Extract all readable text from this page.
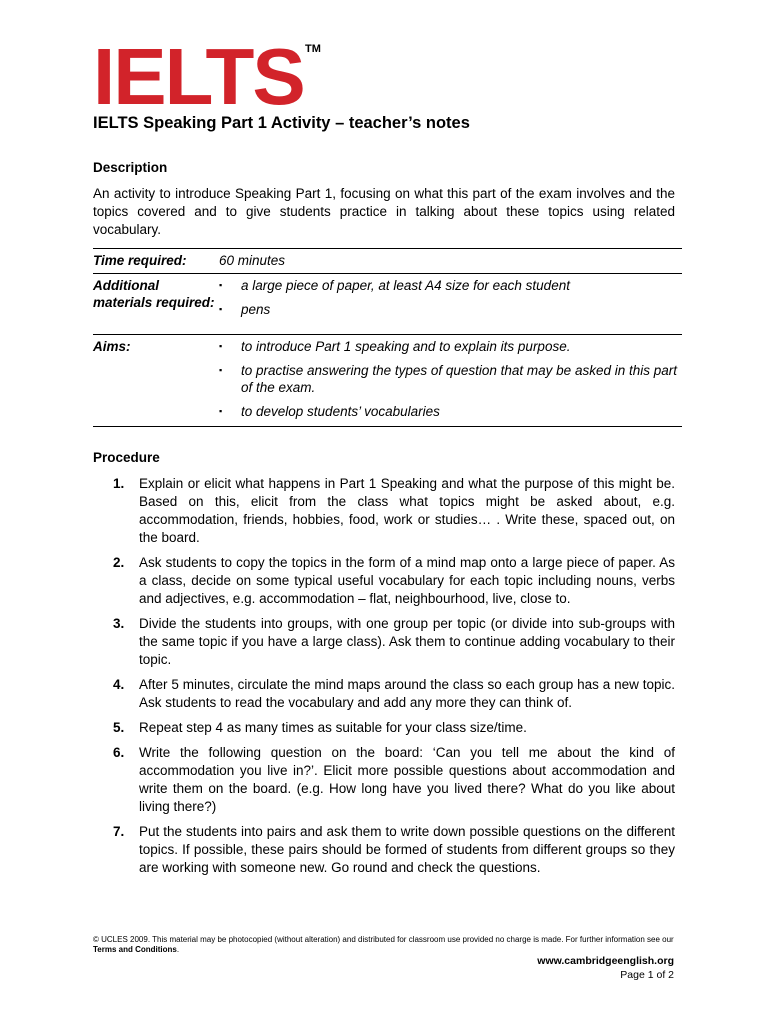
IELTS TM
IELTS Speaking Part 1 Activity – teacher’s notes
Description

An activity to introduce Speaking Part 1, focusing on what this part of the exam involves and the topics covered and to give students practice in talking about these topics using related vocabulary.

Time required:	60 minutes
Additional materials required:
▪	a large piece of paper, at least A4 size for each student
▪	pens
Aims:	▪	to introduce Part 1 speaking and to explain its purpose.
▪	to practise answering the types of question that may be asked in this part of the exam.
▪	to develop students’ vocabularies
Procedure
1.	Explain or elicit what happens in Part 1 Speaking and what the purpose of this might be. Based on this, elicit from the class what topics might be asked about, e.g. accommodation, friends, hobbies, food, work or studies… . Write these, spaced out, on the board.
2.	Ask students to copy the topics in the form of a mind map onto a large piece of paper. As a class, decide on some typical useful vocabulary for each topic including nouns, verbs and adjectives, e.g. accommodation – flat, neighbourhood, live, close to.
3.	Divide the students into groups, with one group per topic (or divide into sub-groups with the same topic if you have a large class). Ask them to continue adding vocabulary to their topic.
4.	After 5 minutes, circulate the mind maps around the class so each group has a new topic. Ask students to read the vocabulary and add any more they can think of.
5.	Repeat step 4 as many times as suitable for your class size/time.
6.	Write the following question on the board: ‘Can you tell me about the kind of accommodation you live in?’. Elicit more possible questions about accommodation and write them on the board. (e.g. How long have you lived there? What do you like about living there?)
7.	Put the students into pairs and ask them to write down possible questions on the different topics. If possible, these pairs should be formed of students from different groups so they are working with someone new. Go round and check the questions.

© UCLES 2009. This material may be photocopied (without alteration) and distributed for classroom use provided no charge is made. For further information see our Terms and Conditions.

www.cambridgeenglish.org
Page 1 of 2
